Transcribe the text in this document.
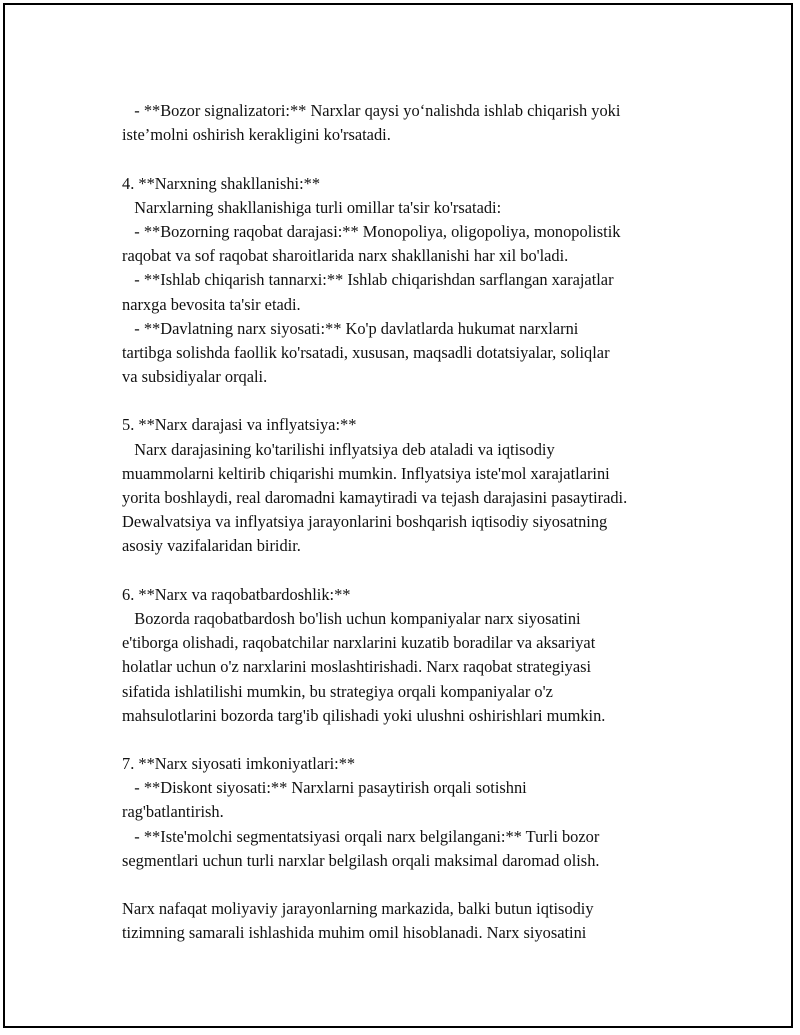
- **Bozor signalizatori:** Narxlar qaysi yo‘nalishda ishlab chiqarish yoki
iste’molni oshirish kerakligini ko'rsatadi.
4. **Narxning shakllanishi:**
Narxlarning shakllanishiga turli omillar ta'sir ko'rsatadi:
- **Bozorning raqobat darajasi:** Monopoliya, oligopoliya, monopolistik
raqobat va sof raqobat sharoitlarida narx shakllanishi har xil bo'ladi.
- **Ishlab chiqarish tannarxi:** Ishlab chiqarishdan sarflangan xarajatlar
narxga bevosita ta'sir etadi.
- **Davlatning narx siyosati:** Ko'p davlatlarda hukumat narxlarni
tartibga solishda faollik ko'rsatadi, xususan, maqsadli dotatsiyalar, soliqlar
va subsidiyalar orqali.
5. **Narx darajasi va inflyatsiya:**
Narx darajasining ko'tarilishi inflyatsiya deb ataladi va iqtisodiy
muammolarni keltirib chiqarishi mumkin. Inflyatsiya iste'mol xarajatlarini
yorita boshlaydi, real daromadni kamaytiradi va tejash darajasini pasaytiradi.
Dewalvatsiya va inflyatsiya jarayonlarini boshqarish iqtisodiy siyosatning
asosiy vazifalaridan biridir.
6. **Narx va raqobatbardoshlik:**
Bozorda raqobatbardosh bo'lish uchun kompaniyalar narx siyosatini
e'tiborga olishadi, raqobatchilar narxlarini kuzatib boradilar va aksariyat
holatlar uchun o'z narxlarini moslashtirishadi. Narx raqobat strategiyasi
sifatida ishlatilishi mumkin, bu strategiya orqali kompaniyalar o'z
mahsulotlarini bozorda targ'ib qilishadi yoki ulushni oshirishlari mumkin.
7. **Narx siyosati imkoniyatlari:**
- **Diskont siyosati:** Narxlarni pasaytirish orqali sotishni
rag'batlantirish.
- **Iste'molchi segmentatsiyasi orqali narx belgilangani:** Turli bozor
segmentlari uchun turli narxlar belgilash orqali maksimal daromad olish.
Narx nafaqat moliyaviy jarayonlarning markazida, balki butun iqtisodiy
tizimning samarali ishlashida muhim omil hisoblanadi. Narx siyosatini
